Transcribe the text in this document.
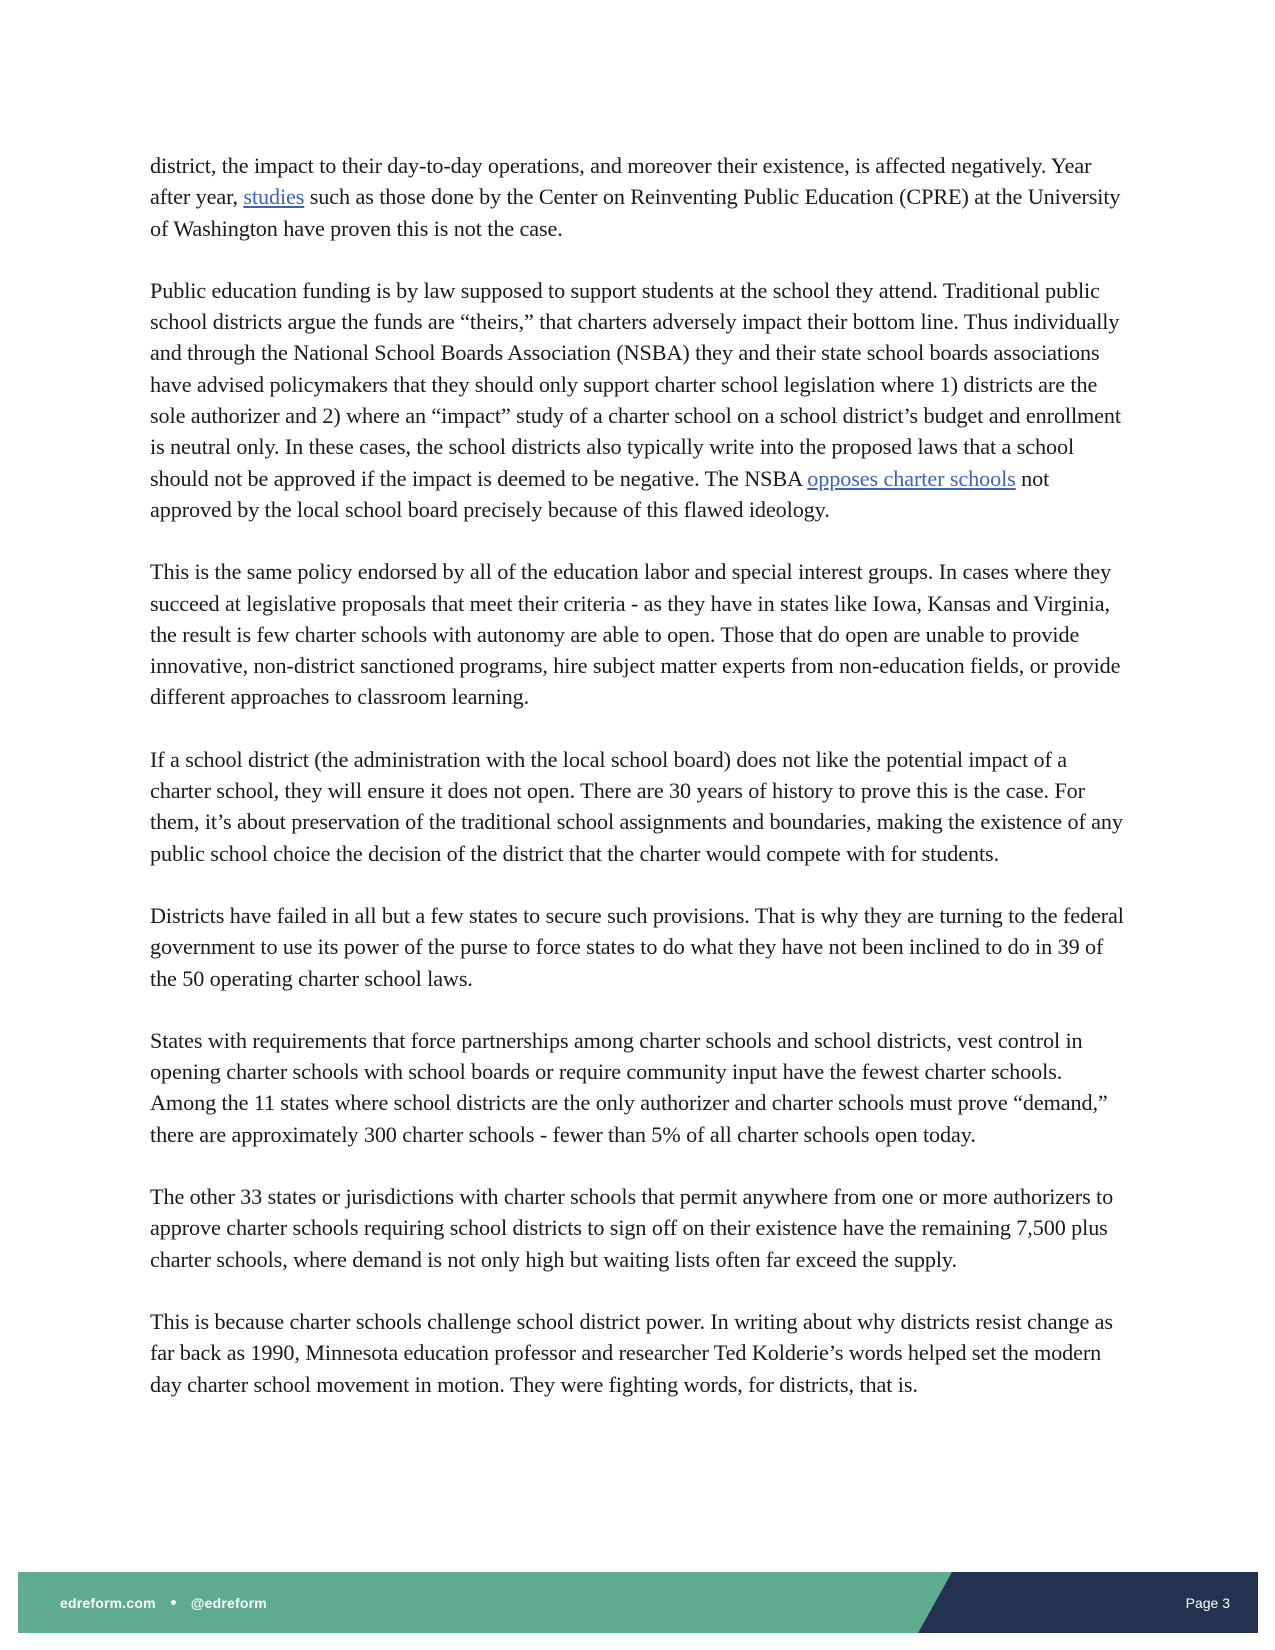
district, the impact to their day-to-day operations, and moreover their existence, is affected negatively. Year after year, studies such as those done by the Center on Reinventing Public Education (CPRE) at the University of Washington have proven this is not the case.

Public education funding is by law supposed to support students at the school they attend. Traditional public school districts argue the funds are “theirs,” that charters adversely impact their bottom line. Thus individually and through the National School Boards Association (NSBA) they and their state school boards associations have advised policymakers that they should only support charter school legislation where 1) districts are the sole authorizer and 2) where an “impact” study of a charter school on a school district’s budget and enrollment is neutral only. In these cases, the school districts also typically write into the proposed laws that a school should not be approved if the impact is deemed to be negative. The NSBA opposes charter schools not approved by the local school board precisely because of this flawed ideology.

This is the same policy endorsed by all of the education labor and special interest groups. In cases where they succeed at legislative proposals that meet their criteria - as they have in states like Iowa, Kansas and Virginia, the result is few charter schools with autonomy are able to open. Those that do open are unable to provide innovative, non-district sanctioned programs, hire subject matter experts from non-education fields, or provide different approaches to classroom learning.

If a school district (the administration with the local school board) does not like the potential impact of a charter school, they will ensure it does not open. There are 30 years of history to prove this is the case. For them, it’s about preservation of the traditional school assignments and boundaries, making the existence of any public school choice the decision of the district that the charter would compete with for students.

Districts have failed in all but a few states to secure such provisions. That is why they are turning to the federal government to use its power of the purse to force states to do what they have not been inclined to do in 39 of the 50 operating charter school laws.

States with requirements that force partnerships among charter schools and school districts, vest control in opening charter schools with school boards or require community input have the fewest charter schools. Among the 11 states where school districts are the only authorizer and charter schools must prove “demand,” there are approximately 300 charter schools - fewer than 5% of all charter schools open today.

The other 33 states or jurisdictions with charter schools that permit anywhere from one or more authorizers to approve charter schools requiring school districts to sign off on their existence have the remaining 7,500 plus charter schools, where demand is not only high but waiting lists often far exceed the supply.

This is because charter schools challenge school district power. In writing about why districts resist change as far back as 1990, Minnesota education professor and researcher Ted Kolderie’s words helped set the modern day charter school movement in motion. They were fighting words, for districts, that is.

edreform.com	@edreform	Page 3
